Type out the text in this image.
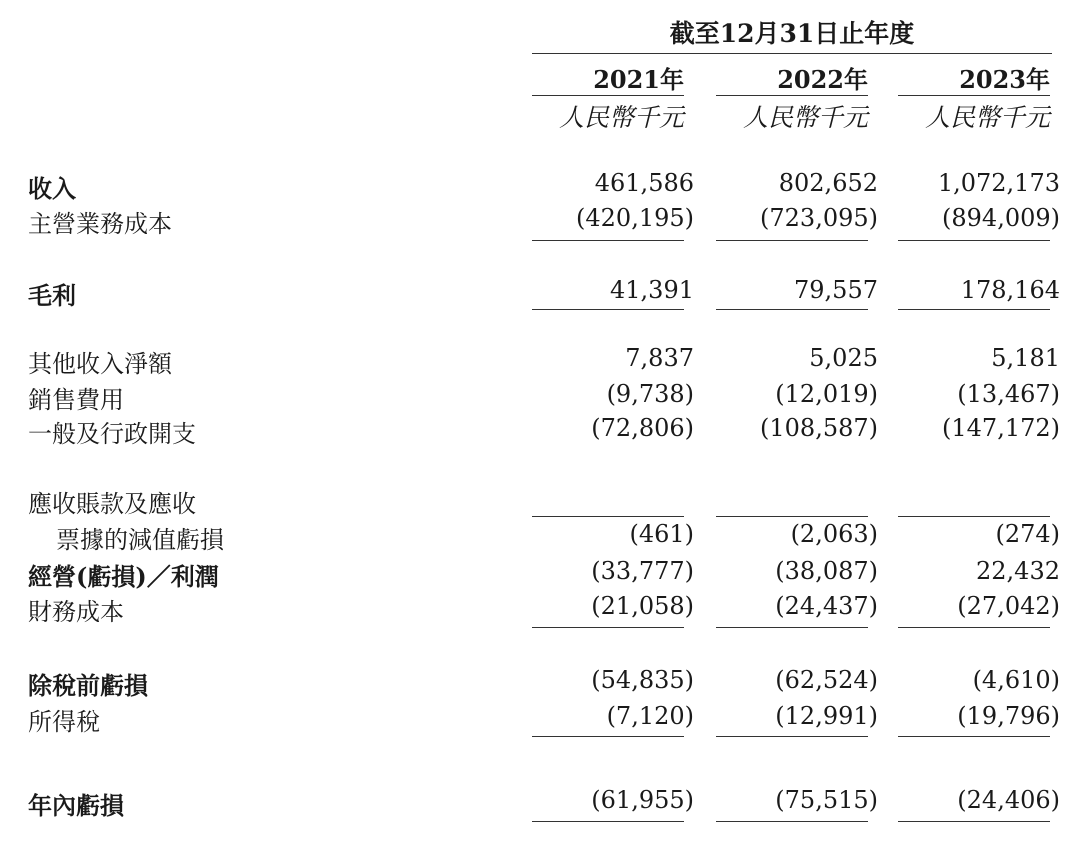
截至12月31日止年度
2021年	2022年	2023年
人民幣千元	人民幣千元	人民幣千元
收入	461,586	802,652	1,072,173
主營業務成本	(420,195)	(723,095)	(894,009)
毛利	41,391	79,557	178,164
其他收入淨額	7,837	5,025	5,181
銷售費用	(9,738)	(12,019)	(13,467)
一般及行政開支	(72,806)	(108,587)	(147,172)
應收賬款及應收
票據的減值虧損	(461)	(2,063)	(274)
經營(虧損)／利潤	(33,777)	(38,087)	22,432
財務成本	(21,058)	(24,437)	(27,042)
除稅前虧損	(54,835)	(62,524)	(4,610)
所得稅	(7,120)	(12,991)	(19,796)
年內虧損	(61,955)	(75,515)	(24,406)
